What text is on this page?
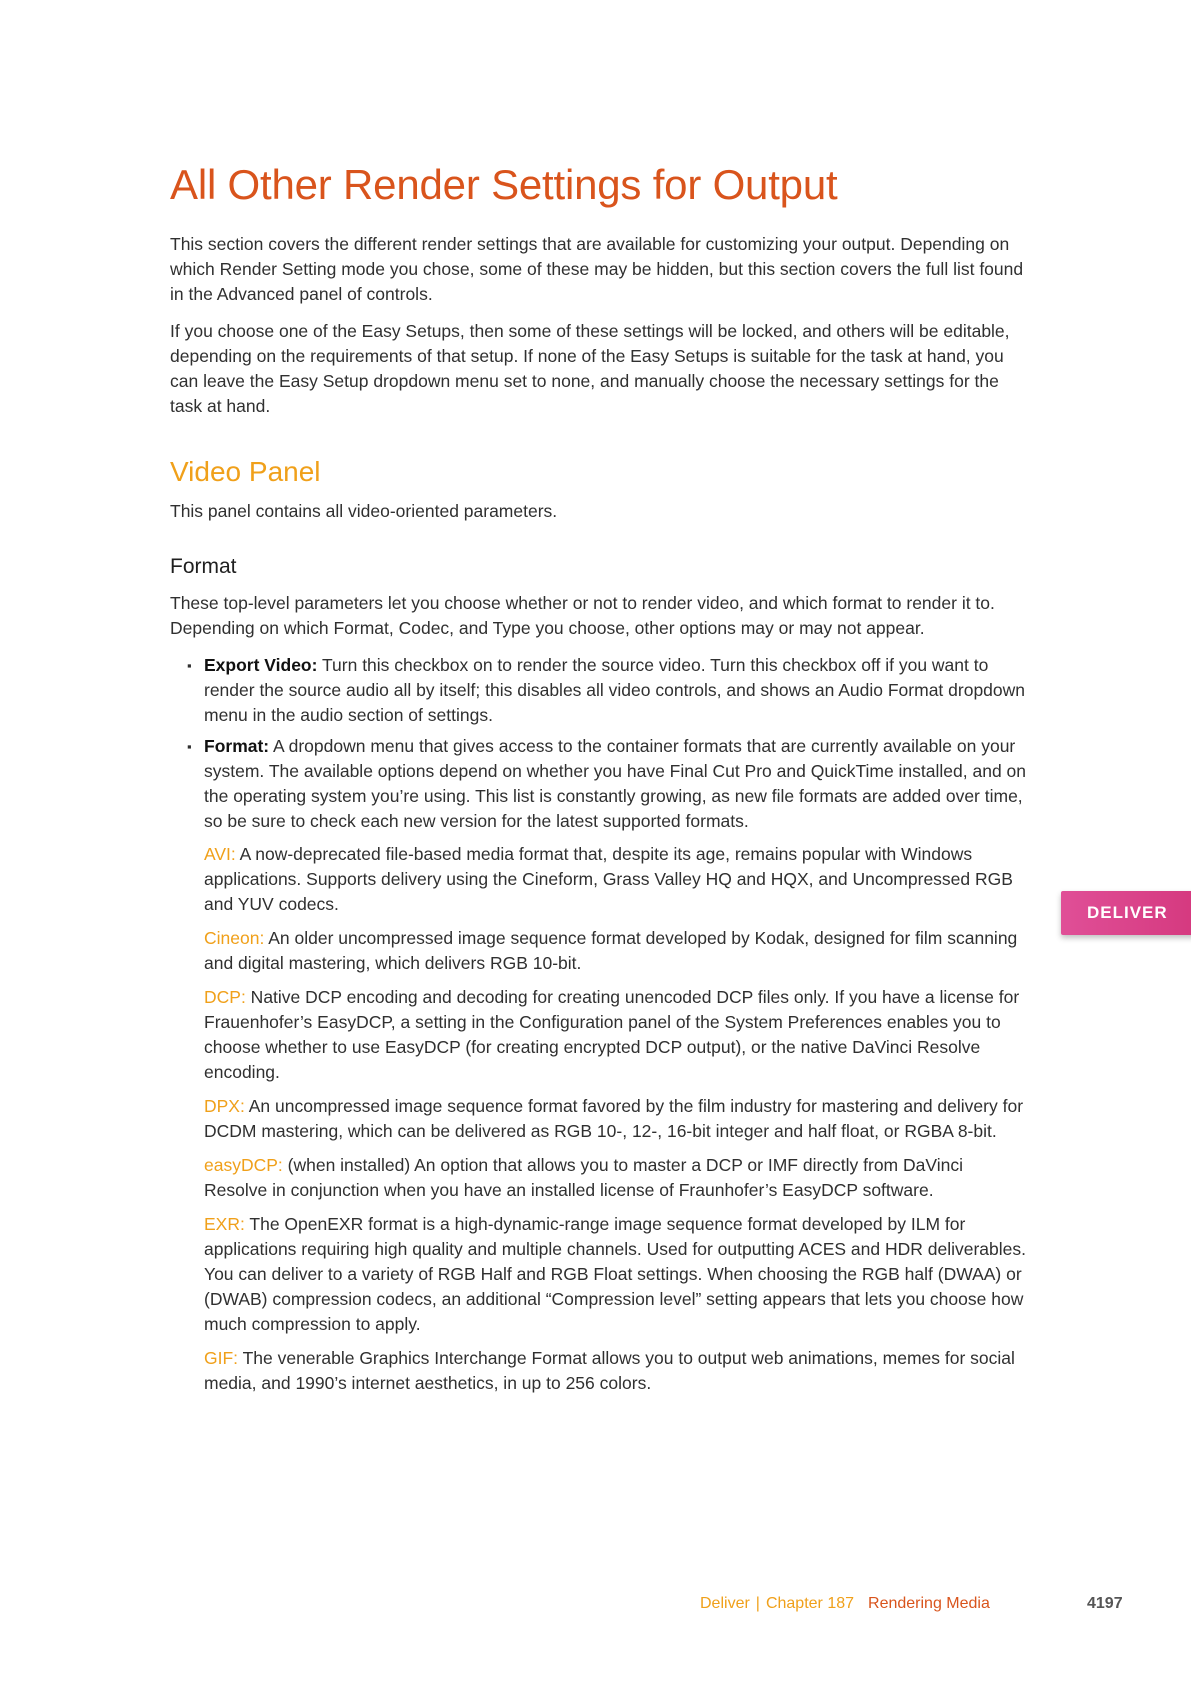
All Other Render Settings for Output

This section covers the different render settings that are available for customizing your output. Depending on which Render Setting mode you chose, some of these may be hidden, but this section covers the full list found in the Advanced panel of controls.

If you choose one of the Easy Setups, then some of these settings will be locked, and others will be editable, depending on the requirements of that setup. If none of the Easy Setups is suitable for the task at hand, you can leave the Easy Setup dropdown menu set to none, and manually choose the necessary settings for the task at hand.

Video Panel

This panel contains all video-oriented parameters.

Format

These top-level parameters let you choose whether or not to render video, and which format to render it to. Depending on which Format, Codec, and Type you choose, other options may or may not appear.

▪ Export Video: Turn this checkbox on to render the source video. Turn this checkbox off if you want to render the source audio all by itself; this disables all video controls, and shows an Audio Format dropdown menu in the audio section of settings.
▪ Format: A dropdown menu that gives access to the container formats that are currently available on your system. The available options depend on whether you have Final Cut Pro and QuickTime installed, and on the operating system you’re using. This list is constantly growing, as new file formats are added over time, so be sure to check each new version for the latest supported formats.

AVI: A now-deprecated file-based media format that, despite its age, remains popular with Windows applications. Supports delivery using the Cineform, Grass Valley HQ and HQX, and Uncompressed RGB and YUV codecs.

Cineon: An older uncompressed image sequence format developed by Kodak, designed for film scanning and digital mastering, which delivers RGB 10-bit.

DCP: Native DCP encoding and decoding for creating unencoded DCP files only. If you have a license for Frauenhofer’s EasyDCP, a setting in the Configuration panel of the System Preferences enables you to choose whether to use EasyDCP (for creating encrypted DCP output), or the native DaVinci Resolve encoding.

DPX: An uncompressed image sequence format favored by the film industry for mastering and delivery for DCDM mastering, which can be delivered as RGB 10-, 12-, 16-bit integer and half float, or RGBA 8-bit.

easyDCP: (when installed) An option that allows you to master a DCP or IMF directly from DaVinci Resolve in conjunction when you have an installed license of Fraunhofer’s EasyDCP software.

EXR: The OpenEXR format is a high-dynamic-range image sequence format developed by ILM for applications requiring high quality and multiple channels. Used for outputting ACES and HDR deliverables. You can deliver to a variety of RGB Half and RGB Float settings. When choosing the RGB half (DWAA) or (DWAB) compression codecs, an additional “Compression level” setting appears that lets you choose how much compression to apply.

GIF: The venerable Graphics Interchange Format allows you to output web animations, memes for social media, and 1990’s internet aesthetics, in up to 256 colors.

DELIVER
Deliver | Chapter 187 Rendering Media	4197
